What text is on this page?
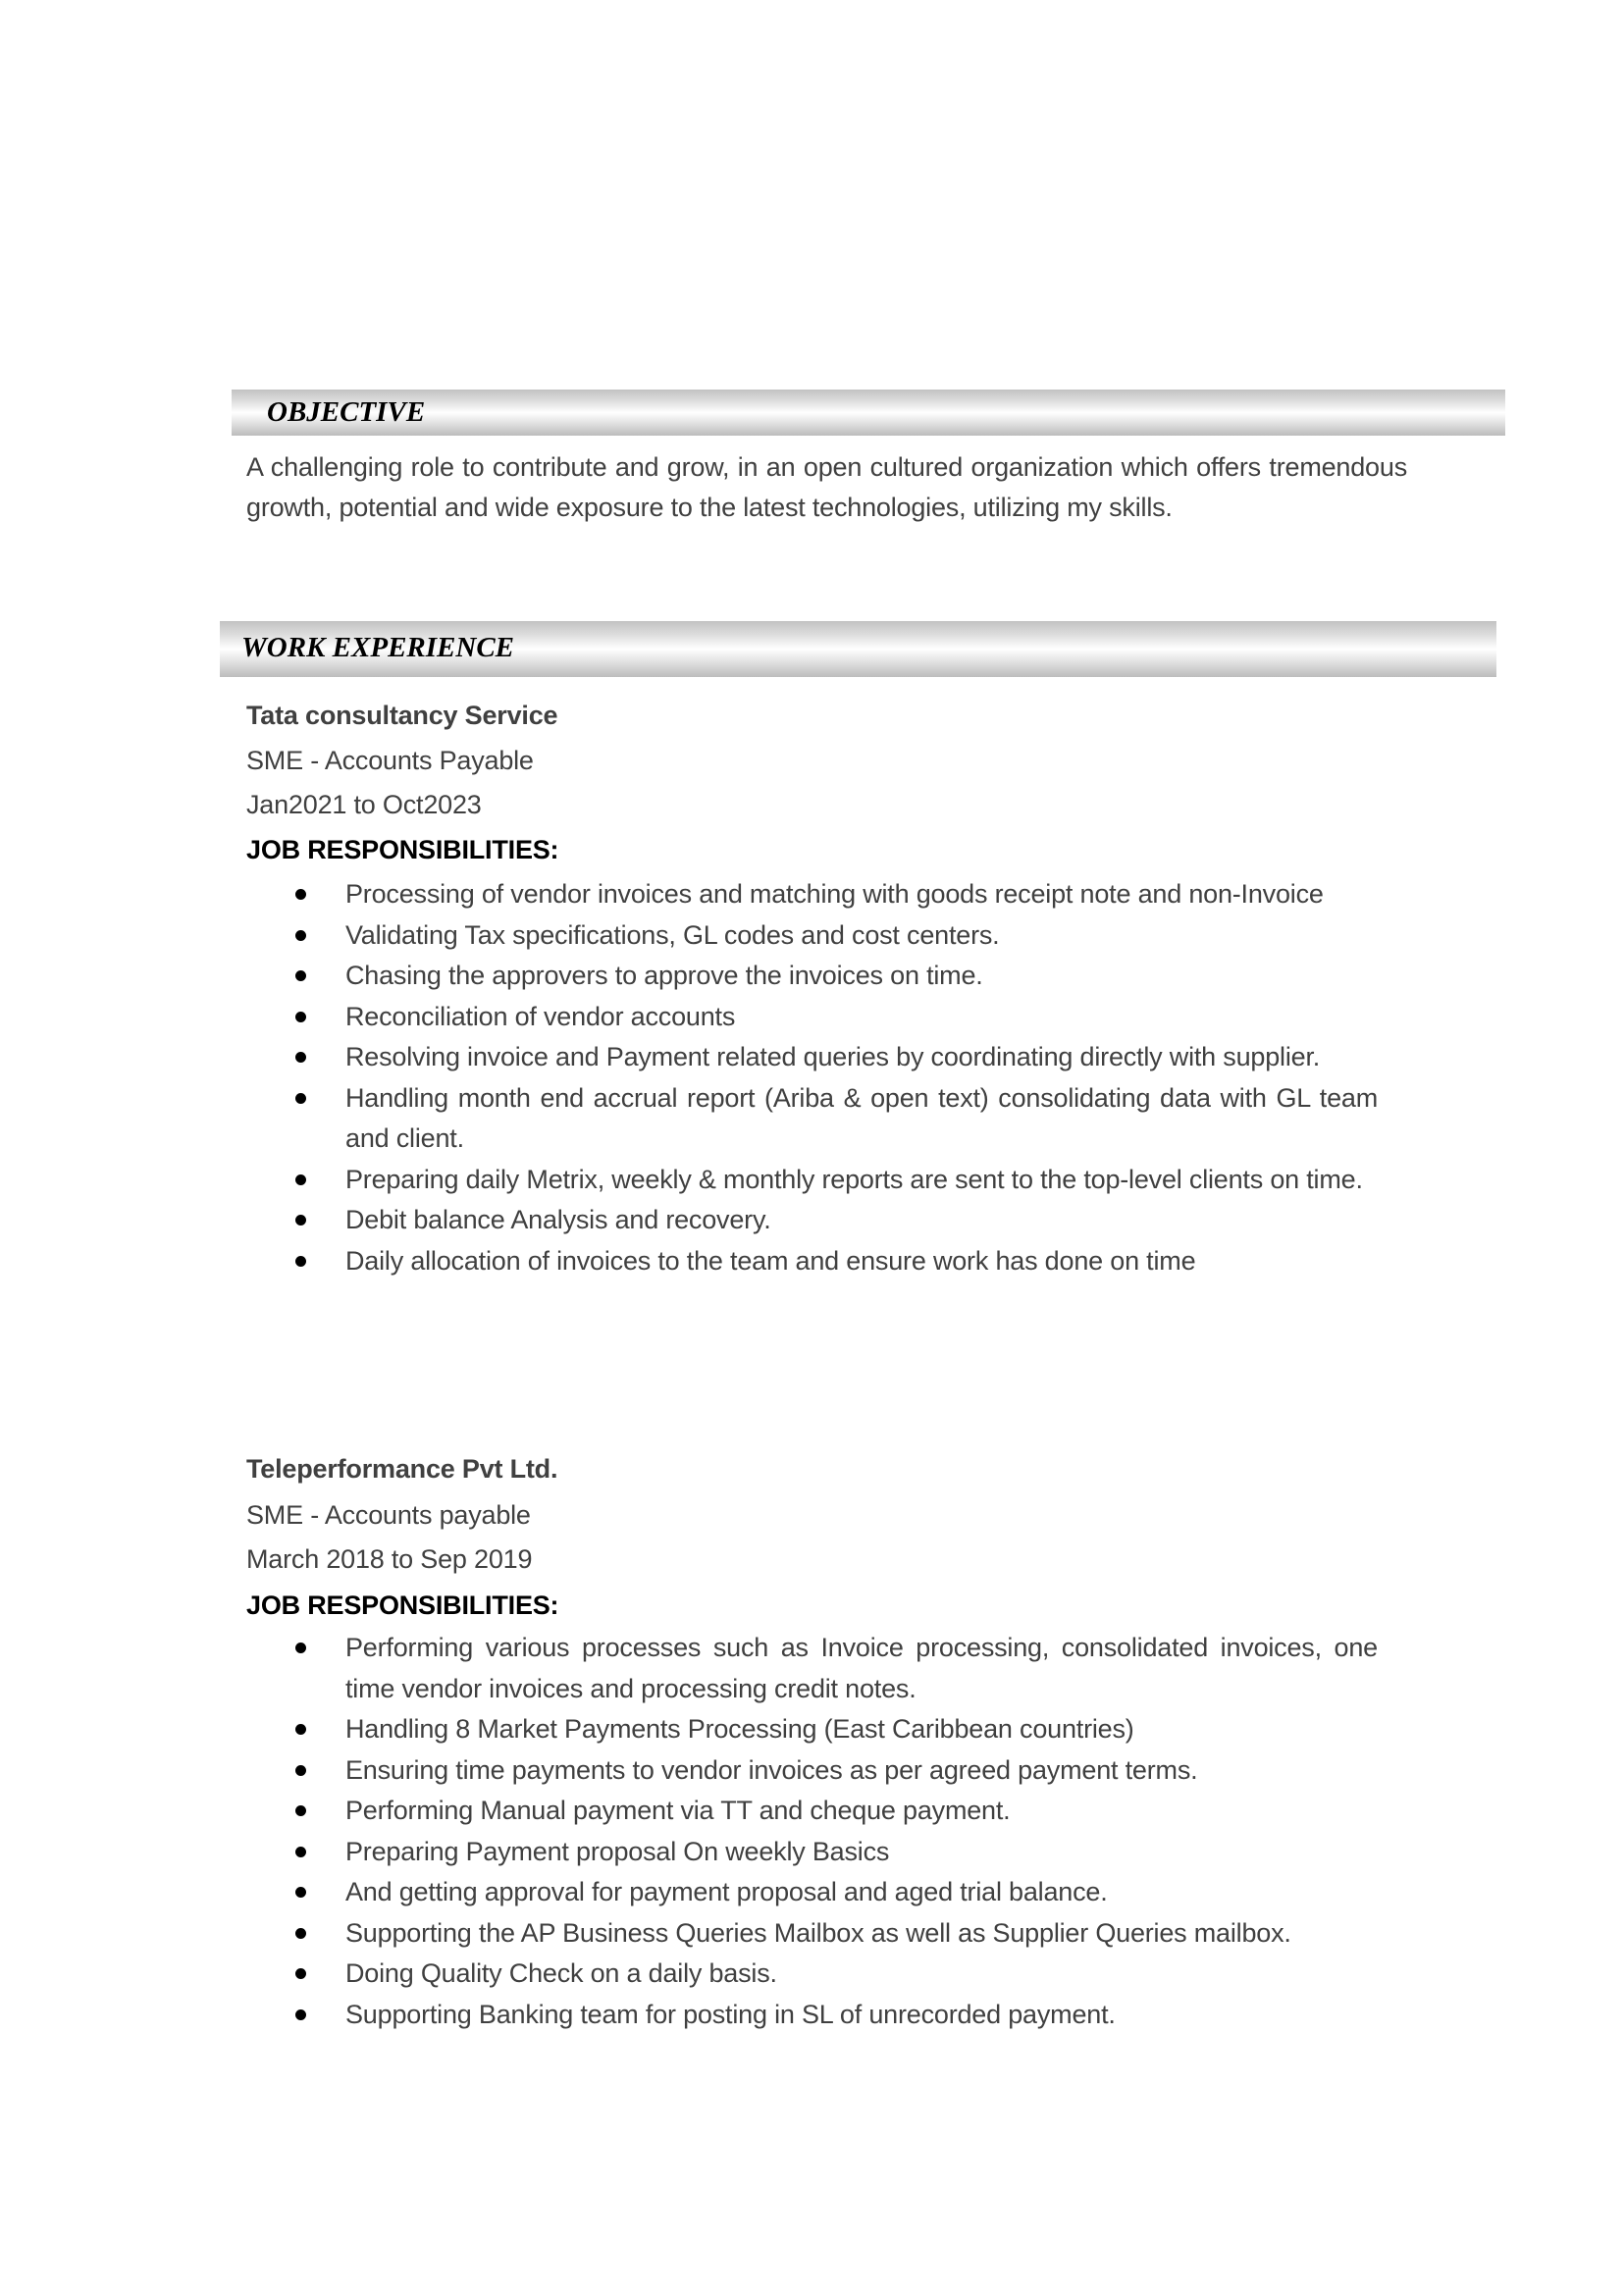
OBJECTIVE
A challenging role to contribute and grow, in an open cultured organization which offers tremendous growth, potential and wide exposure to the latest technologies, utilizing my skills.
WORK EXPERIENCE
Tata consultancy Service
SME - Accounts Payable
Jan2021 to Oct2023
JOB RESPONSIBILITIES:
Processing of vendor invoices and matching with goods receipt note and non-Invoice
Validating Tax specifications, GL codes and cost centers.
Chasing the approvers to approve the invoices on time.
Reconciliation of vendor accounts
Resolving invoice and Payment related queries by coordinating directly with supplier.
Handling month end accrual report (Ariba & open text) consolidating data with GL team and client.
Preparing daily Metrix, weekly & monthly reports are sent to the top-level clients on time.
Debit balance Analysis and recovery.
Daily allocation of invoices to the team and ensure work has done on time
Teleperformance Pvt Ltd.
SME - Accounts payable
March 2018 to Sep 2019
JOB RESPONSIBILITIES:
Performing various processes such as Invoice processing, consolidated invoices, one time vendor invoices and processing credit notes.
Handling 8 Market Payments Processing (East Caribbean countries)
Ensuring time payments to vendor invoices as per agreed payment terms.
Performing Manual payment via TT and cheque payment.
Preparing Payment proposal On weekly Basics
And getting approval for payment proposal and aged trial balance.
Supporting the AP Business Queries Mailbox as well as Supplier Queries mailbox.
Doing Quality Check on a daily basis.
Supporting Banking team for posting in SL of unrecorded payment.
